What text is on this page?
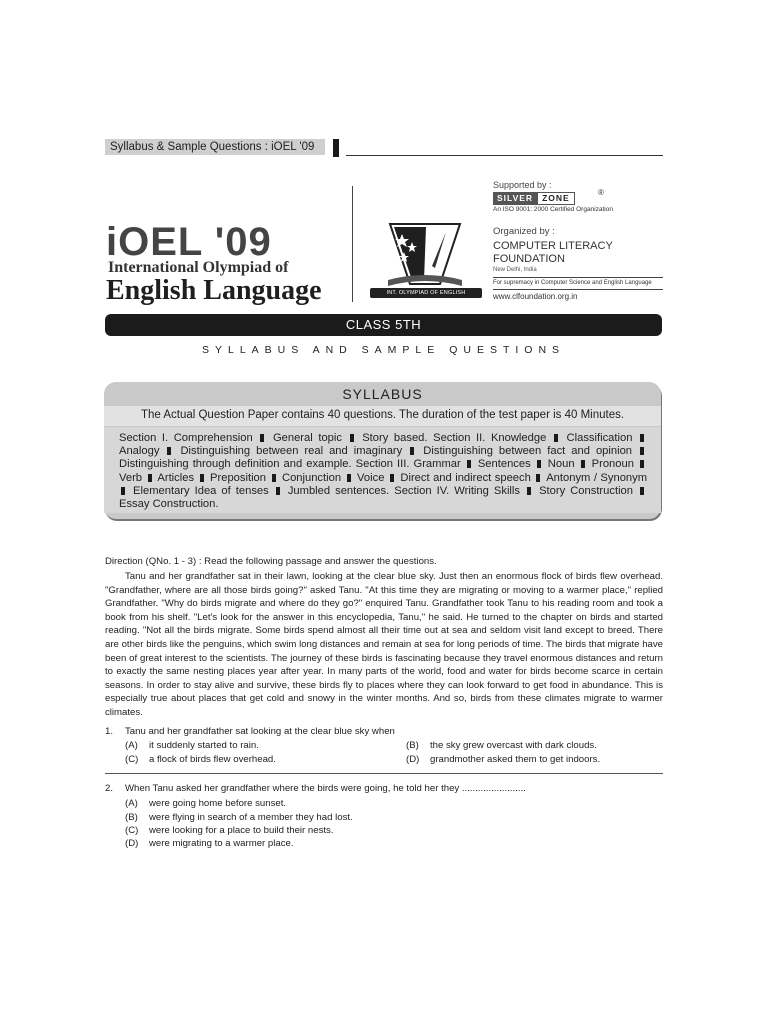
Syllabus & Sample Questions : iOEL '09
iOEL '09
International Olympiad of
English Language	INT. OLYMPIAD OF ENGLISH LANGUAGE
Supported by :
SILVER	ZONE
®
An ISO 9001: 2000 Certified Organization
Organized by :
COMPUTER LITERACY
FOUNDATION
New Delhi, India
For supremacy in Computer Science and English Language
www.clfoundation.org.in
CLASS 5TH
SYLLABUS AND SAMPLE QUESTIONS
SYLLABUS
The Actual Question Paper contains 40 questions. The duration of the test paper is 40 Minutes.
Section I. Comprehension General topic Story based. Section II. Knowledge Classification  Analogy Distinguishing between real and imaginary Distinguishing between fact and opinion  Distinguishing through definition and example. Section III. Grammar Sentences Noun Pronoun  Verb Articles Preposition Conjunction Voice Direct and indirect speech Antonym / Synonym  Elementary Idea of tenses Jumbled sentences. Section IV. Writing Skills Story Construction  Essay Construction.
Direction (QNo. 1 - 3) : Read the following passage and answer the questions.
Tanu and her grandfather sat in their lawn, looking at the clear blue sky. Just then an enormous flock of birds flew overhead. "Grandfather, where are all those birds going?" asked Tanu. "At this time they are migrating or moving to a warmer place," replied Grandfather. "Why do birds migrate and where do they go?" enquired Tanu. Grandfather took Tanu to his reading room and took a book from his shelf. "Let's look for the answer in this encyclopedia, Tanu," he said. He turned to the chapter on birds and started reading. "Not all the birds migrate. Some birds spend almost all their time out at sea and seldom visit land except to breed. There are other birds like the penguins, which swim long distances and remain at sea for long periods of time. The birds that migrate have been of great interest to the scientists. The journey of these birds is fascinating because they travel enormous distances and return to exactly the same nesting places year after year. In many parts of the world, food and water for birds become scarce in certain seasons. In order to stay alive and survive, these birds fly to places where they can look forward to get food in abundance. This is especially true about places that get cold and snowy in the winter months. And so, birds from these climates migrate to warmer climates.
1. Tanu and her grandfather sat looking at the clear blue sky when
(A) it suddenly started to rain.	(B) the sky grew overcast with dark clouds.
(C) a flock of birds flew overhead.	(D) grandmother asked them to get indoors.
2. When Tanu asked her grandfather where the birds were going, he told her they ........................
(A) were going home before sunset.
(B) were flying in search of a member they had lost.
(C) were looking for a place to build their nests.
(D) were migrating to a warmer place.
